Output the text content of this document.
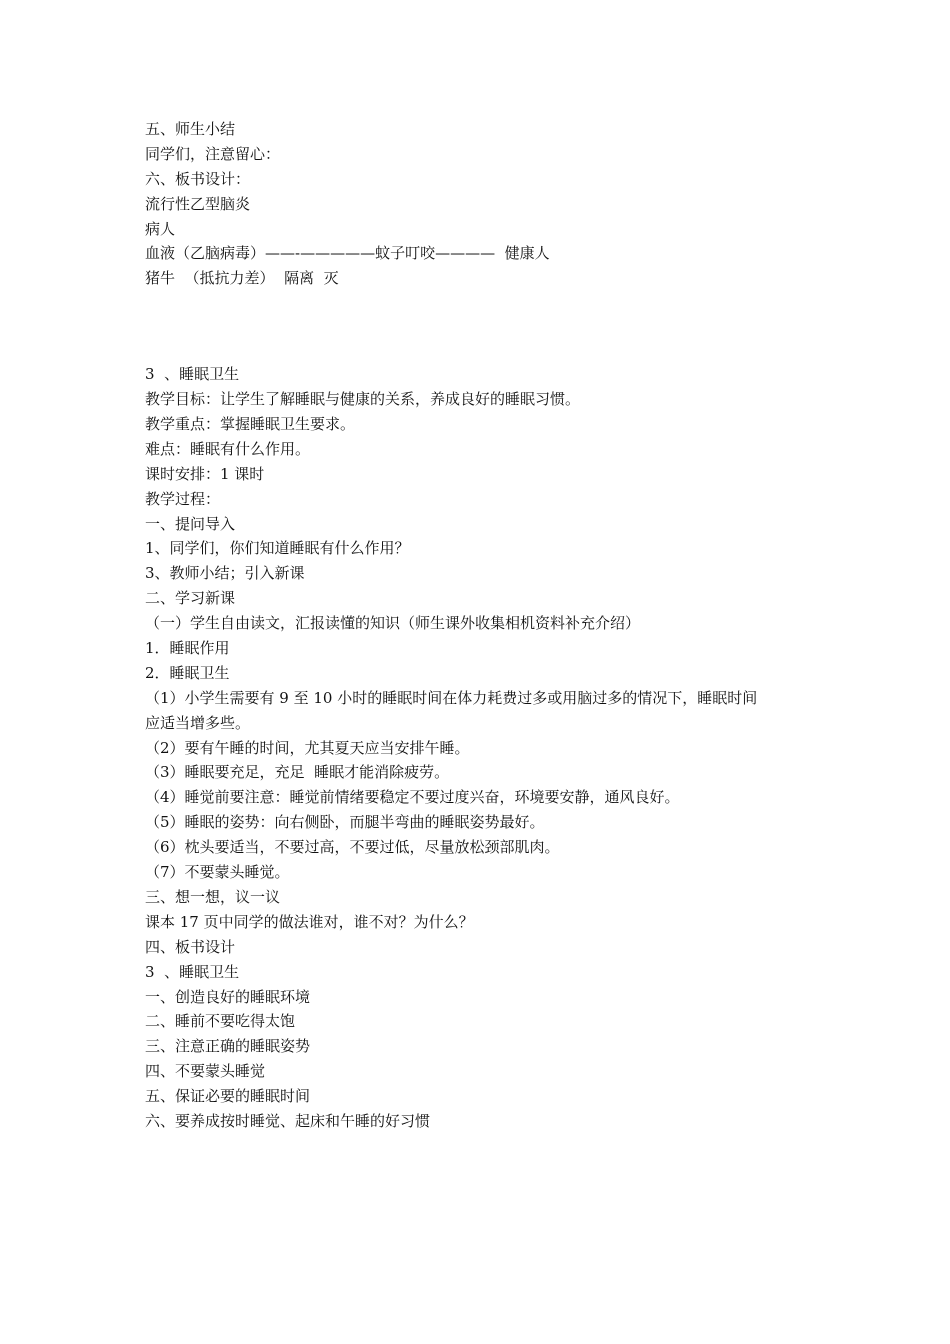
五、师生小结

同学们，注意留心：

六、板书设计：

流行性乙型脑炎

病人

血液（乙脑病毒）——-—————蚊子叮咬————  健康人

猪牛  （抵抗力差）  隔离  灭

3  、睡眠卫生

教学目标：让学生了解睡眠与健康的关系，养成良好的睡眠习惯。

教学重点：掌握睡眠卫生要求。

难点：睡眠有什么作用。

课时安排：1 课时

教学过程：

一、提问导入

1、同学们，你们知道睡眠有什么作用？

3、教师小结；引入新课

二、学习新课

（一）学生自由读文，汇报读懂的知识（师生课外收集相机资料补充介绍）

1．睡眠作用

2．睡眠卫生

（1）小学生需要有 9 至 10 小时的睡眠时间在体力耗费过多或用脑过多的情况下，睡眠时间

应适当增多些。

（2）要有午睡的时间，尤其夏天应当安排午睡。

（3）睡眠要充足，充足  睡眠才能消除疲劳。

（4）睡觉前要注意：睡觉前情绪要稳定不要过度兴奋，环境要安静，通风良好。

（5）睡眠的姿势：向右侧卧，而腿半弯曲的睡眠姿势最好。

（6）枕头要适当，不要过高，不要过低，尽量放松颈部肌肉。

（7）不要蒙头睡觉。

三、想一想，议一议

课本 17 页中同学的做法谁对，谁不对？为什么？

四、板书设计

3  、睡眠卫生

一、创造良好的睡眠环境

二、睡前不要吃得太饱

三、注意正确的睡眠姿势

四、不要蒙头睡觉

五、保证必要的睡眠时间

六、要养成按时睡觉、起床和午睡的好习惯
